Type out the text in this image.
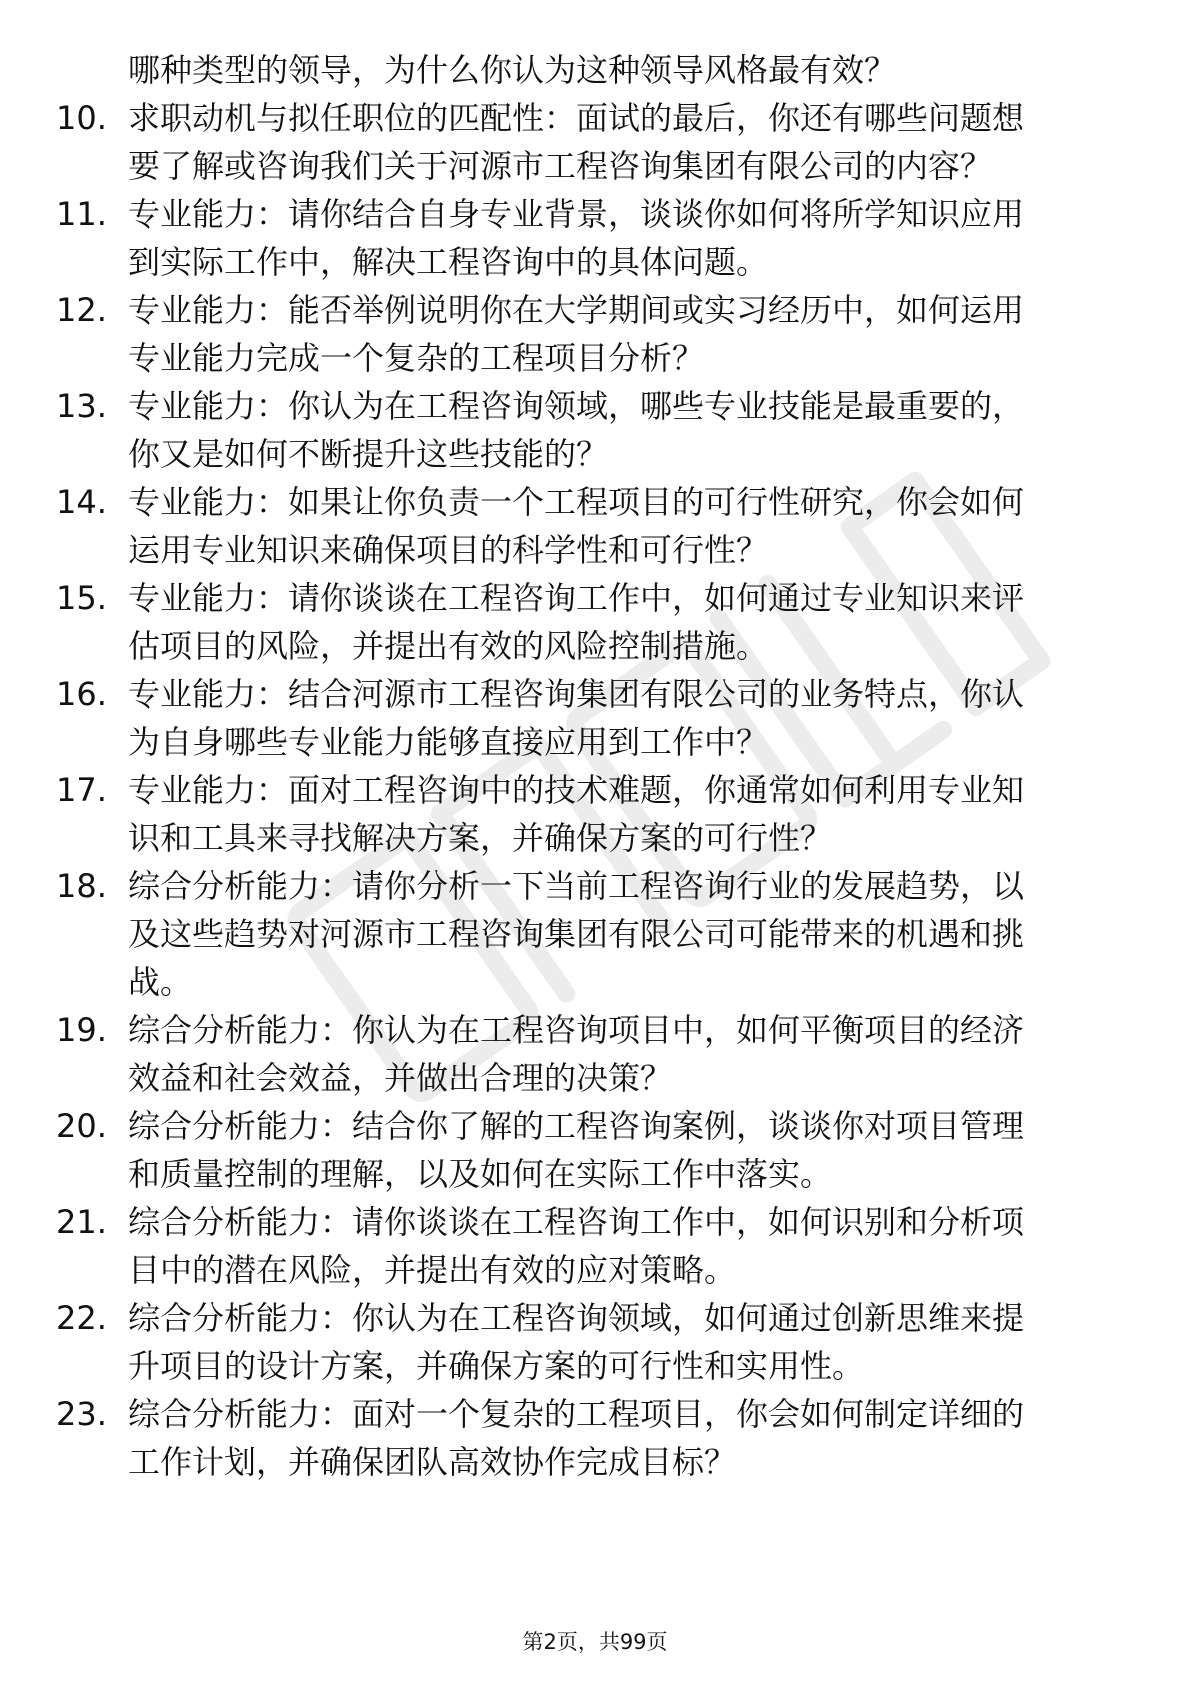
哪种类型的领导，为什么你认为这种领导风格最有效？
10. 求职动机与拟任职位的匹配性：面试的最后，你还有哪些问题想
要了解或咨询我们关于河源市工程咨询集团有限公司的内容？
11. 专业能力：请你结合自身专业背景，谈谈你如何将所学知识应用
到实际工作中，解决工程咨询中的具体问题。
12. 专业能力：能否举例说明你在大学期间或实习经历中，如何运用
专业能力完成一个复杂的工程项目分析？
13. 专业能力：你认为在工程咨询领域，哪些专业技能是最重要的，
你又是如何不断提升这些技能的？
14. 专业能力：如果让你负责一个工程项目的可行性研究，你会如何
运用专业知识来确保项目的科学性和可行性？
15. 专业能力：请你谈谈在工程咨询工作中，如何通过专业知识来评
估项目的风险，并提出有效的风险控制措施。
16. 专业能力：结合河源市工程咨询集团有限公司的业务特点，你认
为自身哪些专业能力能够直接应用到工作中？
17. 专业能力：面对工程咨询中的技术难题，你通常如何利用专业知
识和工具来寻找解决方案，并确保方案的可行性？
18. 综合分析能力：请你分析一下当前工程咨询行业的发展趋势，以
及这些趋势对河源市工程咨询集团有限公司可能带来的机遇和挑
战。
19. 综合分析能力：你认为在工程咨询项目中，如何平衡项目的经济
效益和社会效益，并做出合理的决策？
20. 综合分析能力：结合你了解的工程咨询案例，谈谈你对项目管理
和质量控制的理解，以及如何在实际工作中落实。
21. 综合分析能力：请你谈谈在工程咨询工作中，如何识别和分析项
目中的潜在风险，并提出有效的应对策略。
22. 综合分析能力：你认为在工程咨询领域，如何通过创新思维来提
升项目的设计方案，并确保方案的可行性和实用性。
23. 综合分析能力：面对一个复杂的工程项目，你会如何制定详细的
工作计划，并确保团队高效协作完成目标？
第2页，共99页
